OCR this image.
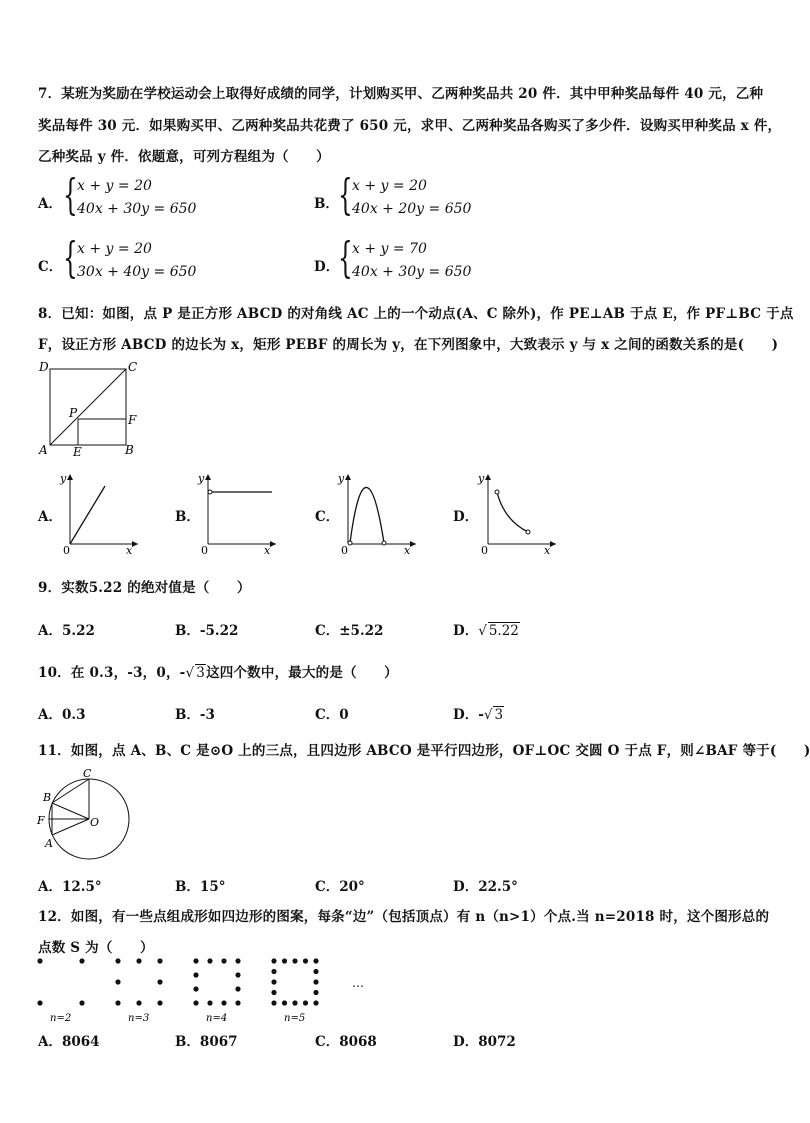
7．某班为奖励在学校运动会上取得好成绩的同学，计划购买甲、乙两种奖品共 20 件．其中甲种奖品每件 40 元，乙种
奖品每件 30 元．如果购买甲、乙两种奖品共花费了 650 元，求甲、乙两种奖品各购买了多少件．设购买甲种奖品 x 件，
乙种奖品 y 件．依题意，可列方程组为（　　）
A． { x + y = 20
40x + 30y = 650	B． { x + y = 20
40x + 20y = 650
C． { x + y = 20
30x + 40y = 650	D．
{ x + y = 70
40x + 30y = 650
8．已知：如图，点 P 是正方形 ABCD 的对角线 AC 上的一个动点(A、C 除外)，作 PE⊥AB 于点 E，作 PF⊥BC 于点
F，设正方形 ABCD 的边长为 x，矩形 PEBF 的周长为 y，在下列图象中，大致表示 y 与 x 之间的函数关系的是(　　)
D	C
P	F
A E	B
A．
y
0	x
B．
y
0	x
C．
y
0	x
D．
y
0	x
9．实数5.22 的绝对值是（　　）
A．5.22	B．-5.22	C．±5.22	D．√ 5.22
10．在 0.3，-3，0，-√ 3这四个数中，最大的是（　　）
A．0.3	B．-3	C．0	D．-√ 3
11．如图，点 A、B、C 是⊙O 上的三点，且四边形 ABCO 是平行四边形，OF⊥OC 交圆 O 于点 F，则∠BAF 等于(　　)
C
B
F	O
A
A．12.5°	B．15°	C．20°	D．22.5°
12．如图，有一些点组成形如四边形的图案，每条“边”（包括顶点）有 n（n>1）个点.当 n=2018 时，这个图形总的
点数 S 为（　　）
…
n=2	n=3	n=4	n=5
A．8064	B．8067	C．8068	D．8072
